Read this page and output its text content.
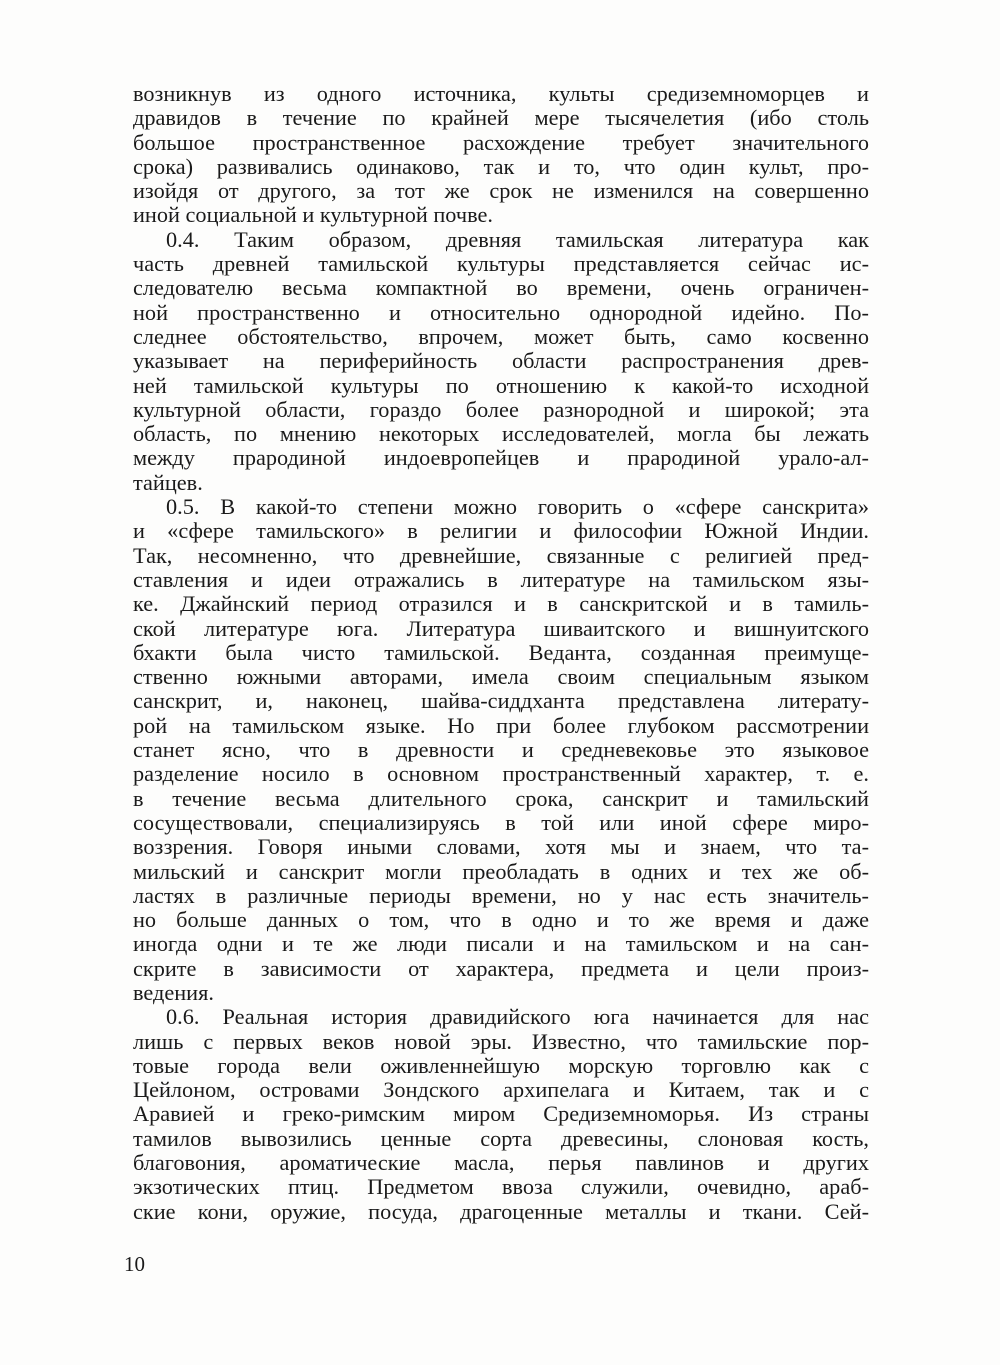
возникнув из одного источника, культы средиземноморцев и
дравидов в течение по крайней мере тысячелетия (ибо столь
большое пространственное расхождение требует значительного
срока) развивались одинаково, так и то, что один культ, про-
изойдя от другого, за тот же срок не изменился на совершенно
иной социальной и культурной почве.
0.4. Таким образом, древняя тамильская литература как
часть древней тамильской культуры представляется сейчас ис-
следователю весьма компактной во времени, очень ограничен-
ной пространственно и относительно однородной идейно. По-
следнее обстоятельство, впрочем, может быть, само косвенно
указывает на периферийность области распространения древ-
ней тамильской культуры по отношению к какой-то исходной
культурной области, гораздо более разнородной и широкой; эта
область, по мнению некоторых исследователей, могла бы лежать
между прародиной индоевропейцев и прародиной урало-ал-
тайцев.
0.5. В какой-то степени можно говорить о «сфере санскрита»
и «сфере тамильского» в религии и философии Южной Индии.
Так, несомненно, что древнейшие, связанные с религией пред-
ставления и идеи отражались в литературе на тамильском язы-
ке. Джайнский период отразился и в санскритской и в тамиль-
ской литературе юга. Литература шиваитского и вишнуитского
бхакти была чисто тамильской. Веданта, созданная преимуще-
ственно южными авторами, имела своим специальным языком
санскрит, и, наконец, шайва-сиддханта представлена литерату-
рой на тамильском языке. Но при более глубоком рассмотрении
станет ясно, что в древности и средневековье это языковое
разделение носило в основном пространственный характер, т. е.
в течение весьма длительного срока, санскрит и тамильский
сосуществовали, специализируясь в той или иной сфере миро-
воззрения. Говоря иными словами, хотя мы и знаем, что та-
мильский и санскрит могли преобладать в одних и тех же об-
ластях в различные периоды времени, но у нас есть значитель-
но больше данных о том, что в одно и то же время и даже
иногда одни и те же люди писали и на тамильском и на сан-
скрите в зависимости от характера, предмета и цели произ-
ведения.
0.6. Реальная история дравидийского юга начинается для нас
лишь с первых веков новой эры. Известно, что тамильские пор-
товые города вели оживленнейшую морскую торговлю как с
Цейлоном, островами Зондского архипелага и Китаем, так и с
Аравией и греко-римским миром Средиземноморья. Из страны
тамилов вывозились ценные сорта древесины, слоновая кость,
благовония, ароматические масла, перья павлинов и других
экзотических птиц. Предметом ввоза служили, очевидно, араб-
ские кони, оружие, посуда, драгоценные металлы и ткани. Сей-
10
